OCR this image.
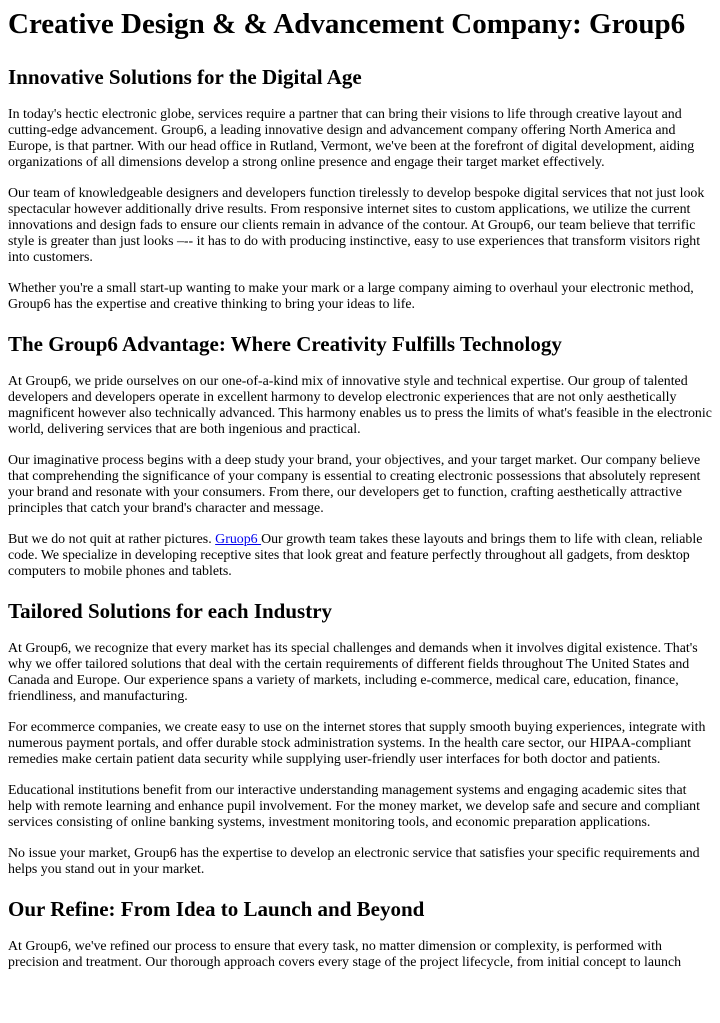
Creative Design & & Advancement Company: Group6
Innovative Solutions for the Digital Age

In today's hectic electronic globe, services require a partner that can bring their visions to life through creative layout and cutting-edge advancement. Group6, a leading innovative design and advancement company offering North America and Europe, is that partner. With our head office in Rutland, Vermont, we've been at the forefront of digital development, aiding organizations of all dimensions develop a strong online presence and engage their target market effectively.

Our team of knowledgeable designers and developers function tirelessly to develop bespoke digital services that not just look spectacular however additionally drive results. From responsive internet sites to custom applications, we utilize the current innovations and design fads to ensure our clients remain in advance of the contour. At Group6, our team believe that terrific style is greater than just looks –-- it has to do with producing instinctive, easy to use experiences that transform visitors right into customers.

Whether you're a small start-up wanting to make your mark or a large company aiming to overhaul your electronic method, Group6 has the expertise and creative thinking to bring your ideas to life.

The Group6 Advantage: Where Creativity Fulfills Technology

At Group6, we pride ourselves on our one-of-a-kind mix of innovative style and technical expertise. Our group of talented developers and developers operate in excellent harmony to develop electronic experiences that are not only aesthetically magnificent however also technically advanced. This harmony enables us to press the limits of what's feasible in the electronic world, delivering services that are both ingenious and practical.

Our imaginative process begins with a deep study your brand, your objectives, and your target market. Our company believe that comprehending the significance of your company is essential to creating electronic possessions that absolutely represent your brand and resonate with your consumers. From there, our developers get to function, crafting aesthetically attractive principles that catch your brand's character and message.

But we do not quit at rather pictures. Gruop6 Our growth team takes these layouts and brings them to life with clean, reliable code. We specialize in developing receptive sites that look great and feature perfectly throughout all gadgets, from desktop computers to mobile phones and tablets.

Tailored Solutions for each Industry

At Group6, we recognize that every market has its special challenges and demands when it involves digital existence. That's why we offer tailored solutions that deal with the certain requirements of different fields throughout The United States and Canada and Europe. Our experience spans a variety of markets, including e-commerce, medical care, education, finance, friendliness, and manufacturing.

For ecommerce companies, we create easy to use on the internet stores that supply smooth buying experiences, integrate with numerous payment portals, and offer durable stock administration systems. In the health care sector, our HIPAA-compliant remedies make certain patient data security while supplying user-friendly user interfaces for both doctor and patients.

Educational institutions benefit from our interactive understanding management systems and engaging academic sites that help with remote learning and enhance pupil involvement. For the money market, we develop safe and secure and compliant services consisting of online banking systems, investment monitoring tools, and economic preparation applications.

No issue your market, Group6 has the expertise to develop an electronic service that satisfies your specific requirements and helps you stand out in your market.

Our Refine: From Idea to Launch and Beyond

At Group6, we've refined our process to ensure that every task, no matter dimension or complexity, is performed with precision and treatment. Our thorough approach covers every stage of the project lifecycle, from initial concept to launch
